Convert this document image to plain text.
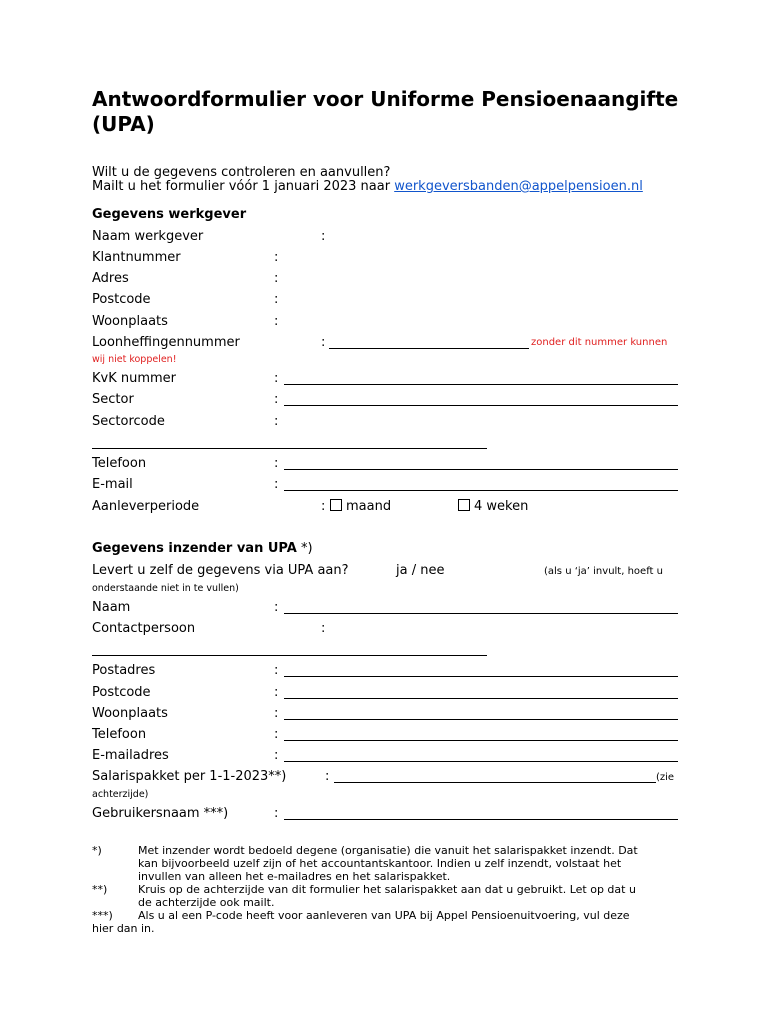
Antwoordformulier voor Uniforme Pensioenaangifte
(UPA)
Wilt u de gegevens controleren en aanvullen?
Mailt u het formulier vóór 1 januari 2023 naar werkgeversbanden@appelpensioen.nl
Gegevens werkgever
Naam werkgever	:
Klantnummer	:
Adres	:
Postcode	:
Woonplaats	:
Loonheffingennummer	:	zonder dit nummer kunnen
wij niet koppelen!
KvK nummer	:
Sector	:
Sectorcode	:
Telefoon	:
E-mail	:
Aanleverperiode	:	maand	4 weken
Gegevens inzender van UPA *)
Levert u zelf de gegevens via UPA aan?	ja / nee	(als u ‘ja’ invult, hoeft u
onderstaande niet in te vullen)
Naam	:
Contactpersoon	:
Postadres	:
Postcode	:
Woonplaats	:
Telefoon	:
E-mailadres	:
Salarispakket per 1-1-2023**)	:	(zie
achterzijde)
Gebruikersnaam ***)	:
*)	Met inzender wordt bedoeld degene (organisatie) die vanuit het salarispakket inzendt. Dat
kan bijvoorbeeld uzelf zijn of het accountantskantoor. Indien u zelf inzendt, volstaat het
invullen van alleen het e-mailadres en het salarispakket.
**)	Kruis op de achterzijde van dit formulier het salarispakket aan dat u gebruikt. Let op dat u
de achterzijde ook mailt.
***) Als u al een P-code heeft voor aanleveren van UPA bij Appel Pensioenuitvoering, vul deze
hier dan in.
